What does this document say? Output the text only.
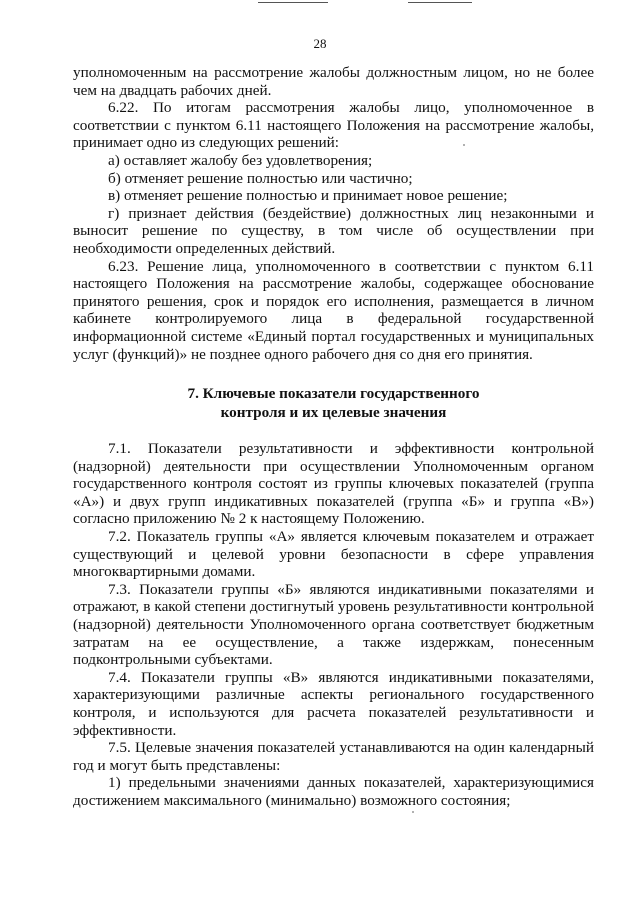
28

уполномоченным на рассмотрение жалобы должностным лицом, но не более чем на двадцать рабочих дней.

6.22. По итогам рассмотрения жалобы лицо, уполномоченное в соответствии с пунктом 6.11 настоящего Положения на рассмотрение жалобы, принимает одно из следующих решений:

а) оставляет жалобу без удовлетворения;

б) отменяет решение полностью или частично;

в) отменяет решение полностью и принимает новое решение;

г) признает действия (бездействие) должностных лиц незаконными и выносит решение по существу, в том числе об осуществлении при необходимости определенных действий.

6.23. Решение лица, уполномоченного в соответствии с пунктом 6.11 настоящего Положения на рассмотрение жалобы, содержащее обоснование принятого решения, срок и порядок его исполнения, размещается в личном кабинете контролируемого лица в федеральной государственной информационной системе «Единый портал государственных и муниципальных услуг (функций)» не позднее одного рабочего дня со дня его принятия.

7. Ключевые показатели государственного
контроля и их целевые значения

7.1. Показатели результативности и эффективности контрольной (надзорной) деятельности при осуществлении Уполномоченным органом государственного контроля состоят из группы ключевых показателей (группа «А») и двух групп индикативных показателей (группа «Б» и группа «В») согласно приложению № 2 к настоящему Положению.

7.2. Показатель группы «А» является ключевым показателем и отражает существующий и целевой уровни безопасности в сфере управления многоквартирными домами.

7.3. Показатели группы «Б» являются индикативными показателями и отражают, в какой степени достигнутый уровень результативности контрольной (надзорной) деятельности Уполномоченного органа соответствует бюджетным затратам на ее осуществление, а также издержкам, понесенным подконтрольными субъектами.

7.4. Показатели группы «В» являются индикативными показателями, характеризующими различные аспекты регионального государственного контроля, и используются для расчета показателей результативности и эффективности.

7.5. Целевые значения показателей устанавливаются на один календарный год и могут быть представлены:

1) предельными значениями данных показателей, характеризующимися достижением максимального (минимально) возможного состояния;
